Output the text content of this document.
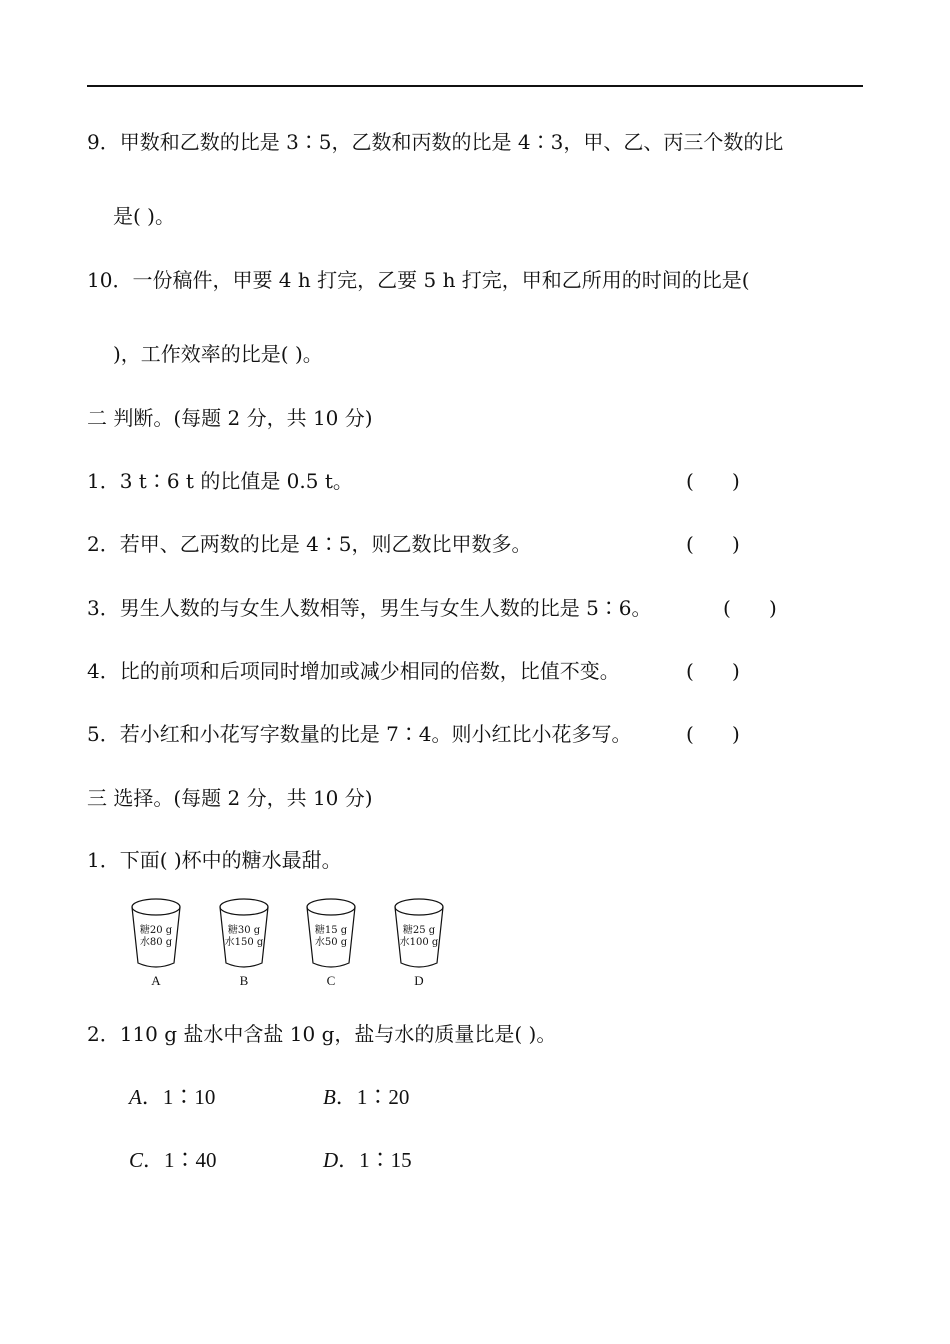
9．甲数和乙数的比是 3∶5，乙数和丙数的比是 4∶3，甲、乙、丙三个数的比
是( )。
10．一份稿件，甲要 4 h 打完，乙要 5 h 打完，甲和乙所用的时间的比是(
)，工作效率的比是( )。
二 判断。(每题 2 分，共 10 分)
1．3 t∶6 t 的比值是 0.5 t。	(      )
2．若甲、乙两数的比是 4∶5，则乙数比甲数多。	(      )
3．男生人数的与女生人数相等，男生与女生人数的比是 5∶6。	(      )
4．比的前项和后项同时增加或减少相同的倍数，比值不变。	(      )
5．若小红和小花写字数量的比是 7∶4。则小红比小花多写。	(      )
三 选择。(每题 2 分，共 10 分)
1．下面( )杯中的糖水最甜。
糖20 g
水80 g
A
糖30 g
水150 g
B
糖15 g
水50 g
C
糖25 g
水100 g
D
2．110 g 盐水中含盐 10 g，盐与水的质量比是( )。
A．1∶10	B．1∶20
C．1∶40	D．1∶15
